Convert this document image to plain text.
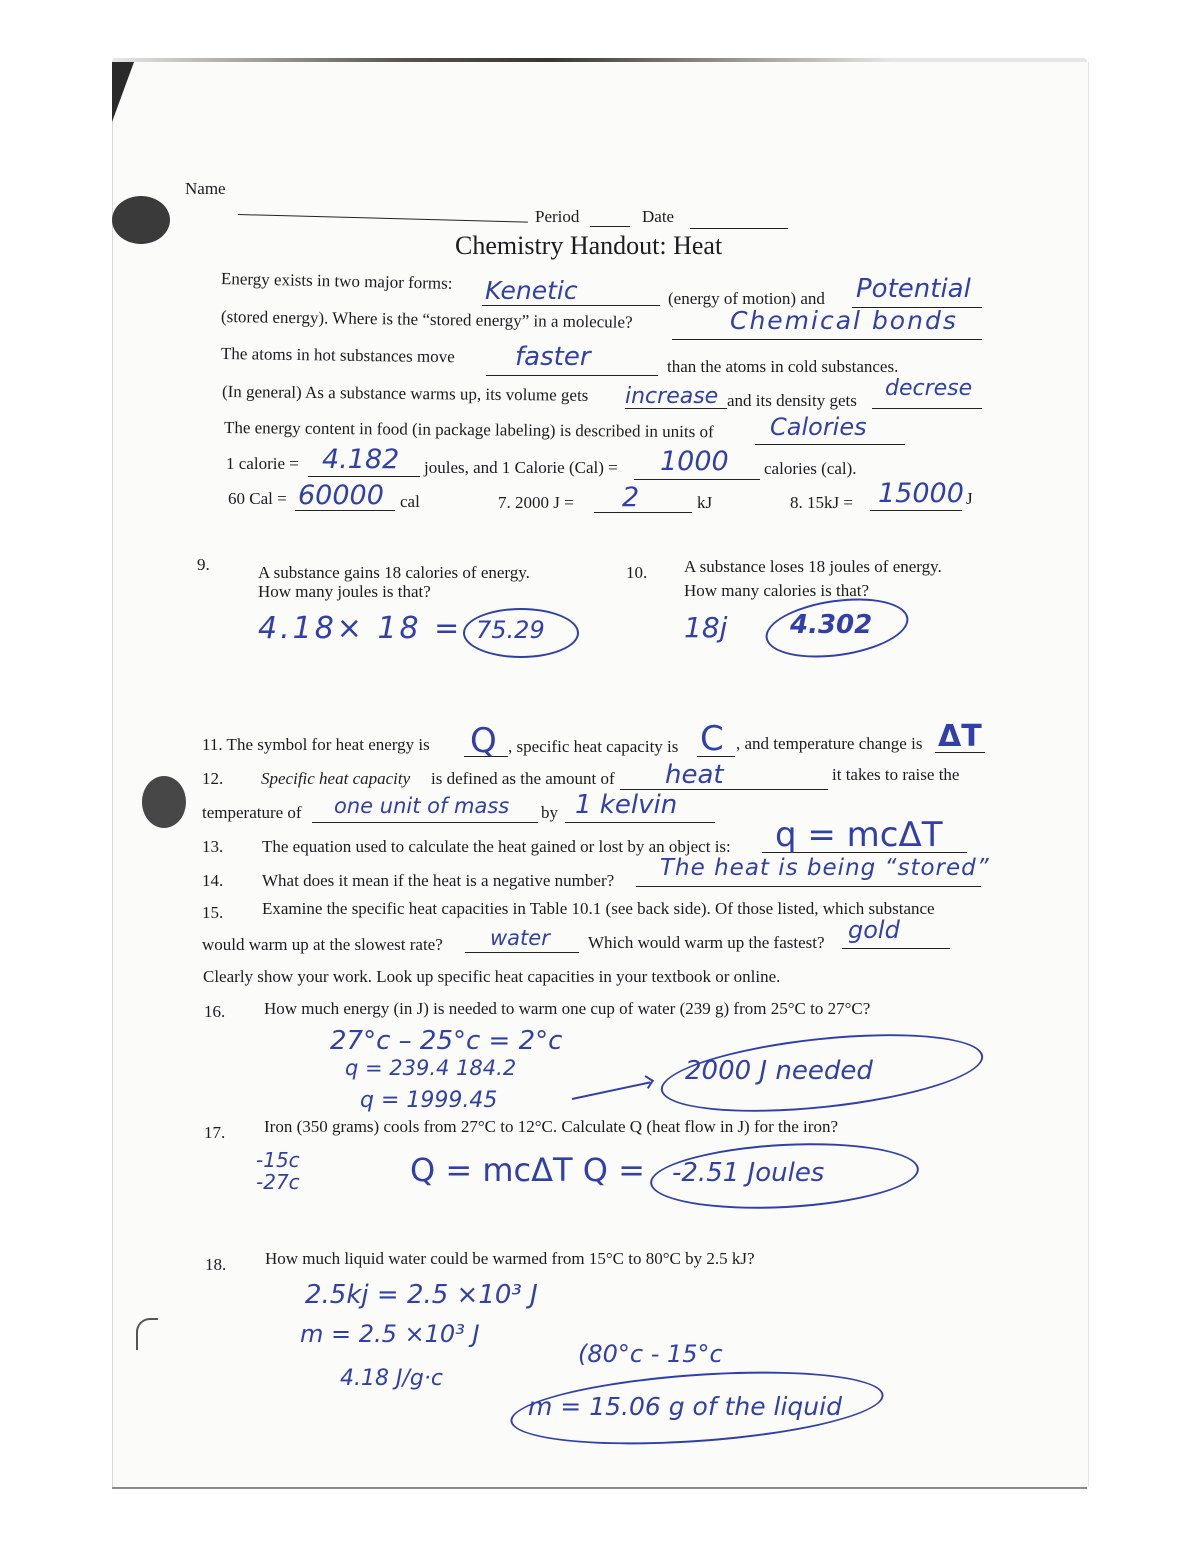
Name
Period	Date
Chemistry Handout: Heat
Energy exists in two major forms: Kenetic	(energy of motion) and Potential
(stored energy). Where is the “stored energy” in a molecule?	Chemical bonds
The atoms in hot substances move faster	than the atoms in cold substances.
(In general) As a substance warms up, its volume gets increase and its density gets decrese
The energy content in food (in package labeling) is described in units of Calories
1 calorie = 4.182 joules, and 1 Calorie (Cal) = 1000 calories (cal).
60 Cal = 60000 cal	7. 2000 J = 2	kJ	8. 15kJ = 15000 J
9.	A substance gains 18 calories of energy.
How many joules is that?
4.18× 18 = 75.29
10. A substance loses 18 joules of energy.
How many calories is that?
18j 4.302
11. The symbol for heat energy is Q , specific heat capacity is C , and temperature change is ΔT
12. Specific heat capacity is defined as the amount of heat	it takes to raise the
temperature of one unit of mass by 1 kelvin
13. The equation used to calculate the heat gained or lost by an object is: q = mcΔT
14. What does it mean if the heat is a negative number? The heat is being “stored”
15. Examine the specific heat capacities in Table 10.1 (see back side). Of those listed, which substance
would warm up at the slowest rate? water Which would warm up the fastest? gold
Clearly show your work. Look up specific heat capacities in your textbook or online.
16. How much energy (in J) is needed to warm one cup of water (239 g) from 25°C to 27°C?
27°c – 25°c = 2°c
q = 239.4 184.2
q = 1999.45
2000 J needed
17. Iron (350 grams) cools from 27°C to 12°C. Calculate Q (heat flow in J) for the iron?
-15c
-27c	Q = mcΔT Q = -2.51 Joules
18. How much liquid water could be warmed from 15°C to 80°C by 2.5 kJ?
2.5kj = 2.5 ×10³ J
m = 2.5 ×10³ J
4.18 J/g·c
(80°c - 15°c
m = 15.06 g of the liquid
